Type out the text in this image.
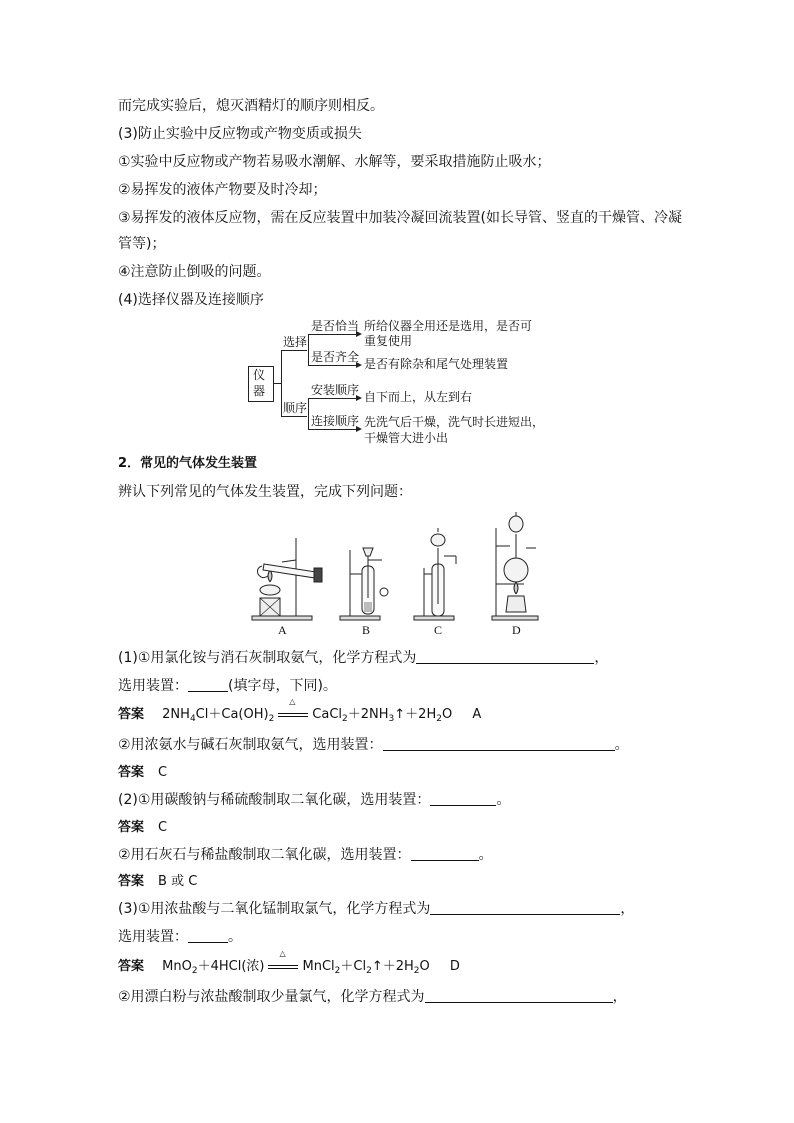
而完成实验后，熄灭酒精灯的顺序则相反。
(3)防止实验中反应物或产物变质或损失
①实验中反应物或产物若易吸水潮解、水解等，要采取措施防止吸水；
②易挥发的液体产物要及时冷却；
③易挥发的液体反应物，需在反应装置中加装冷凝回流装置(如长导管、竖直的干燥管、冷凝
管等)；
④注意防止倒吸的问题。
(4)选择仪器及连接顺序
仪器
选择
顺序
是否恰当
是否齐全
所给仪器全用还是选用，是否可
重复使用
是否有除杂和尾气处理装置
安装顺序
连接顺序
自下而上，从左到右
先洗气后干燥，洗气时长进短出，
干燥管大进小出
2．常见的气体发生装置
辨认下列常见的气体发生装置，完成下列问题：
A	B	C	D
(1)①用氯化铵与消石灰制取氨气，化学方程式为	，
选用装置：	(填字母，下同)。
答案 $2NH_4Cl+Ca(OH)_2$
△
$CaCl_2+2NH_3↑+2H_2O$ A
②用浓氨水与碱石灰制取氨气，选用装置：	。
答案 C
(2)①用碳酸钠与稀硫酸制取二氧化碳，选用装置：	。
答案 C
②用石灰石与稀盐酸制取二氧化碳，选用装置：	。
答案 B 或 C
(3)①用浓盐酸与二氧化锰制取氯气，化学方程式为	，
选用装置：	。
答案 MnO$_2$＋4HCl(浓)
△
$MnCl_2+Cl_2↑+2H_2O$ D
②用漂白粉与浓盐酸制取少量氯气，化学方程式为	，
